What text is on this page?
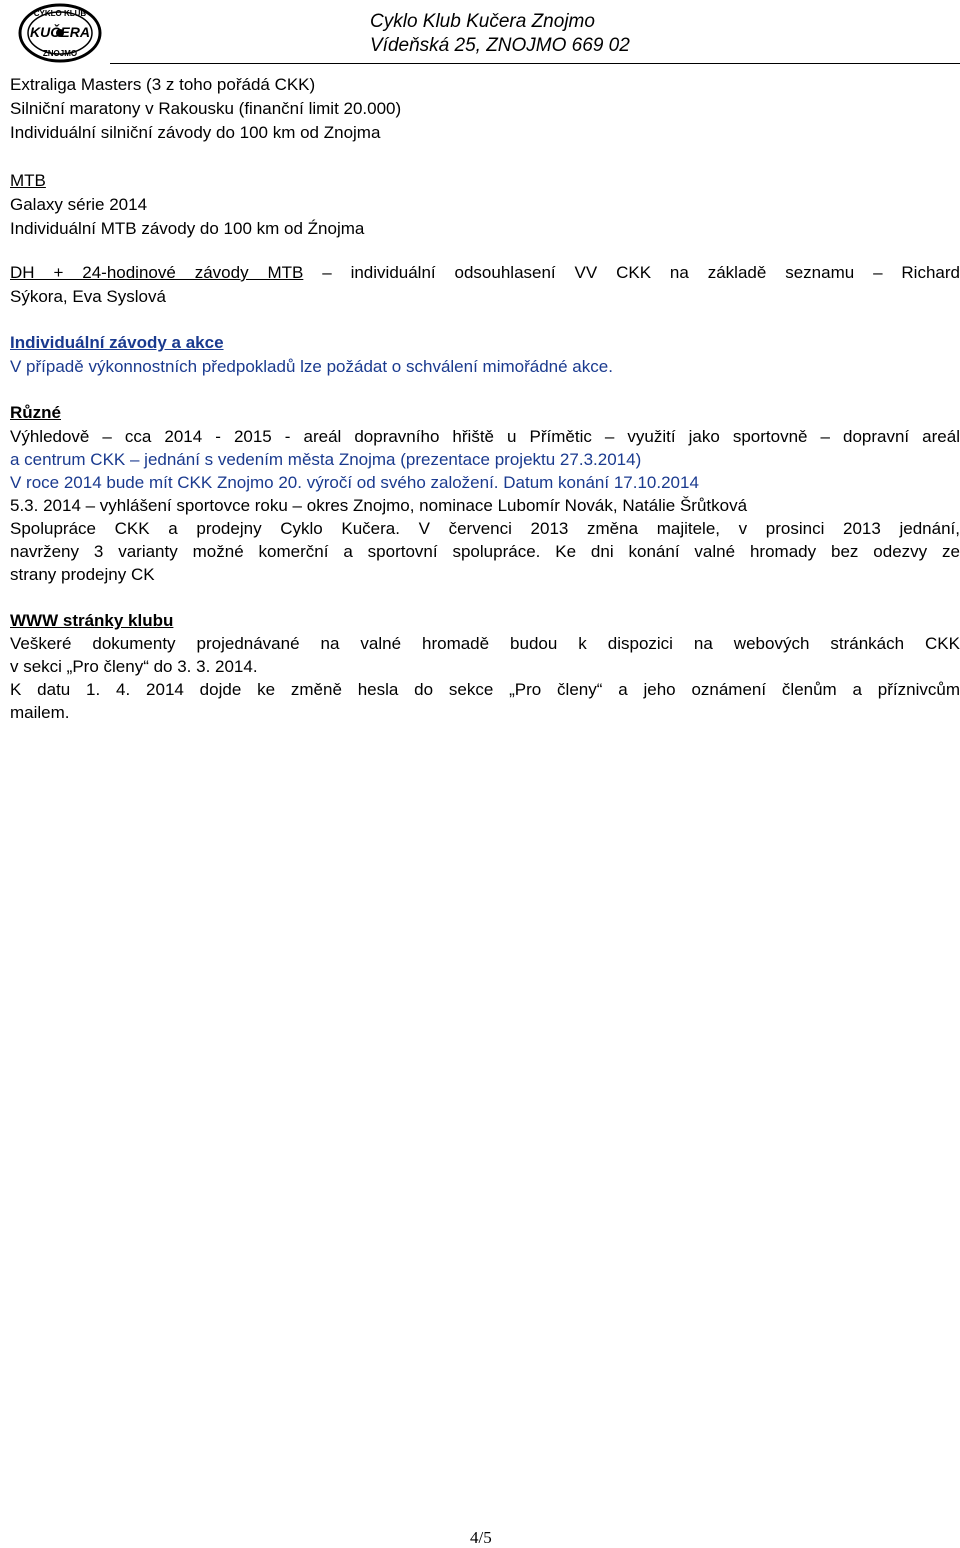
CYKLO KLUB
KUČERA
ZNOJMO
Cyklo Klub Kučera Znojmo
Vídeňská 25, ZNOJMO 669 02
Extraliga Masters (3 z toho pořádá CKK)
Silniční maratony v Rakousku (finanční limit 20.000)
Individuální silniční závody do 100 km od Znojma
MTB
Galaxy série 2014
Individuální MTB závody do 100 km od Źnojma
DH + 24-hodinové závody MTB – individuální odsouhlasení VV CKK na základě seznamu – Richard
Sýkora, Eva Syslová
Individuální závody a akce
V případě výkonnostních předpokladů lze požádat o schválení mimořádné akce.
Různé
Výhledově – cca 2014 - 2015 - areál dopravního hřiště u Přímětic – využití jako sportovně – dopravní areál
a centrum CKK – jednání s vedením města Znojma (prezentace projektu 27.3.2014)
V roce 2014 bude mít CKK Znojmo 20. výročí od svého založení. Datum konání 17.10.2014
5.3. 2014 – vyhlášení sportovce roku – okres Znojmo, nominace Lubomír Novák, Natálie Šrůtková
Spolupráce CKK a prodejny Cyklo Kučera. V červenci 2013 změna majitele, v prosinci 2013 jednání,
navrženy 3 varianty možné komerční a sportovní spolupráce. Ke dni konání valné hromady bez odezvy ze
strany prodejny CK
WWW stránky klubu
Veškeré dokumenty projednávané na valné hromadě budou k dispozici na webových stránkách CKK
v sekci „Pro členy“ do 3. 3. 2014.
K datu 1. 4. 2014 dojde ke změně hesla do sekce „Pro členy“ a jeho oznámení členům a příznivcům
mailem.
4/5
